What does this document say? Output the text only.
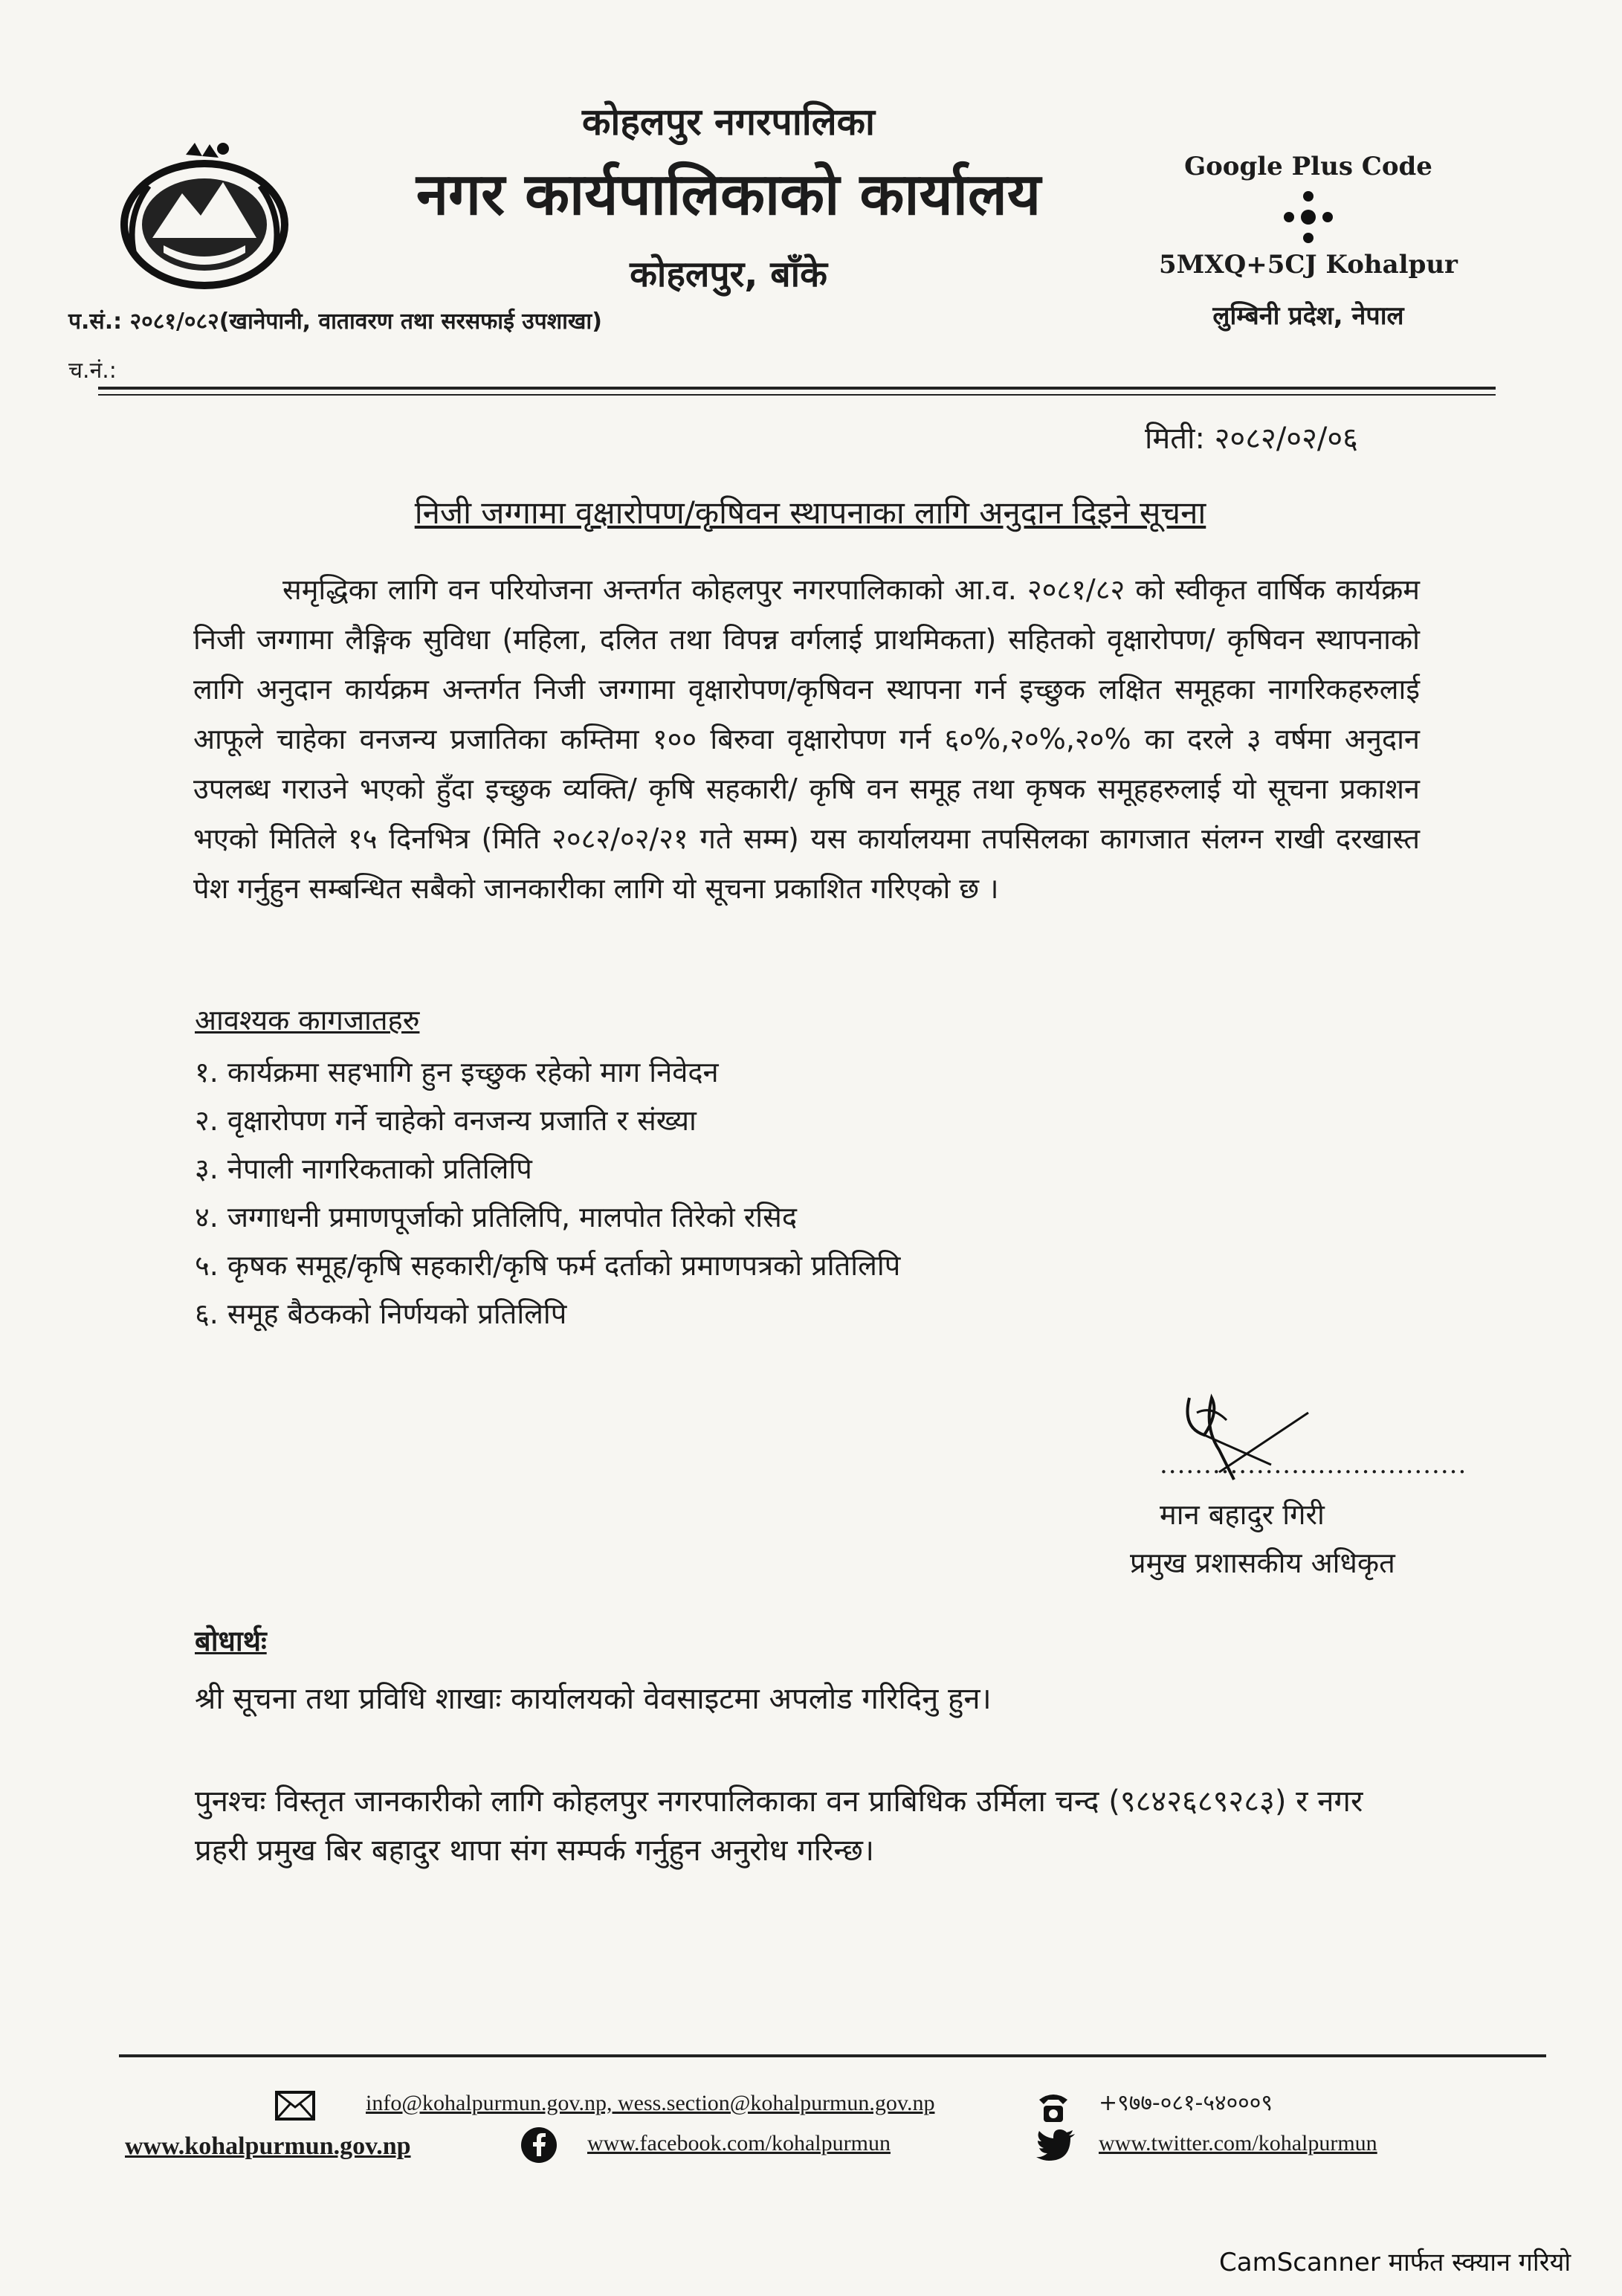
कोहलपुर नगरपालिका
नगर कार्यपालिकाको कार्यालय
कोहलपुर, बाँके
Google Plus Code
5MXQ+5CJ Kohalpur
लुम्बिनी प्रदेश, नेपाल
प.सं.: २०८१/०८२(खानेपानी, वातावरण तथा सरसफाई उपशाखा)
च.नं.:
मिती: २०८२/०२/०६
निजी जग्गामा वृक्षारोपण/कृषिवन स्थापनाका लागि अनुदान दिइने सूचना
समृद्धिका लागि वन परियोजना अन्तर्गत कोहलपुर नगरपालिकाको आ.व. २०८१/८२ को स्वीकृत वार्षिक कार्यक्रम निजी जग्गामा लैङ्गिक सुविधा (महिला, दलित तथा विपन्न वर्गलाई प्राथमिकता) सहितको वृक्षारोपण/ कृषिवन स्थापनाको लागि अनुदान कार्यक्रम अन्तर्गत निजी जग्गामा वृक्षारोपण/कृषिवन स्थापना गर्न इच्छुक लक्षित समूहका नागरिकहरुलाई आफूले चाहेका वनजन्य प्रजातिका कम्तिमा १०० बिरुवा वृक्षारोपण गर्न ६०%,२०%,२०% का दरले ३ वर्षमा अनुदान उपलब्ध गराउने भएको हुँदा इच्छुक व्यक्ति/ कृषि सहकारी/ कृषि वन समूह तथा कृषक समूहहरुलाई यो सूचना प्रकाशन भएको मितिले १५ दिनभित्र (मिति २०८२/०२/२१ गते सम्म) यस कार्यालयमा तपसिलका कागजात संलग्न राखी दरखास्त पेश गर्नुहुन सम्बन्धित सबैको जानकारीका लागि यो सूचना प्रकाशित गरिएको छ ।
आवश्यक कागजातहरु
१. कार्यक्रमा सहभागि हुन इच्छुक रहेको माग निवेदन
२. वृक्षारोपण गर्ने चाहेको वनजन्य प्रजाति र संख्या
३. नेपाली नागरिकताको प्रतिलिपि
४. जग्गाधनी प्रमाणपूर्जाको प्रतिलिपि, मालपोत तिरेको रसिद
५. कृषक समूह/कृषि सहकारी/कृषि फर्म दर्ताको प्रमाणपत्रको प्रतिलिपि
६. समूह बैठकको निर्णयको प्रतिलिपि
...................................
मान बहादुर गिरी
प्रमुख प्रशासकीय अधिकृत
बोधार्थः
श्री सूचना तथा प्रविधि शाखाः कार्यालयको वेवसाइटमा अपलोड गरिदिनु हुन।
पुनश्चः विस्तृत जानकारीको लागि कोहलपुर नगरपालिकाका वन प्राबिधिक उर्मिला चन्द (९८४२६८९२८३) र नगर प्रहरी प्रमुख बिर बहादुर थापा संग सम्पर्क गर्नुहुन अनुरोध गरिन्छ।
info@kohalpurmun.gov.np, wess.section@kohalpurmun.gov.np	+९७७-०८१-५४०००९
www.kohalpurmun.gov.np	www.facebook.com/kohalpurmun	www.twitter.com/kohalpurmun
CamScanner मार्फत स्क्यान गरियो
